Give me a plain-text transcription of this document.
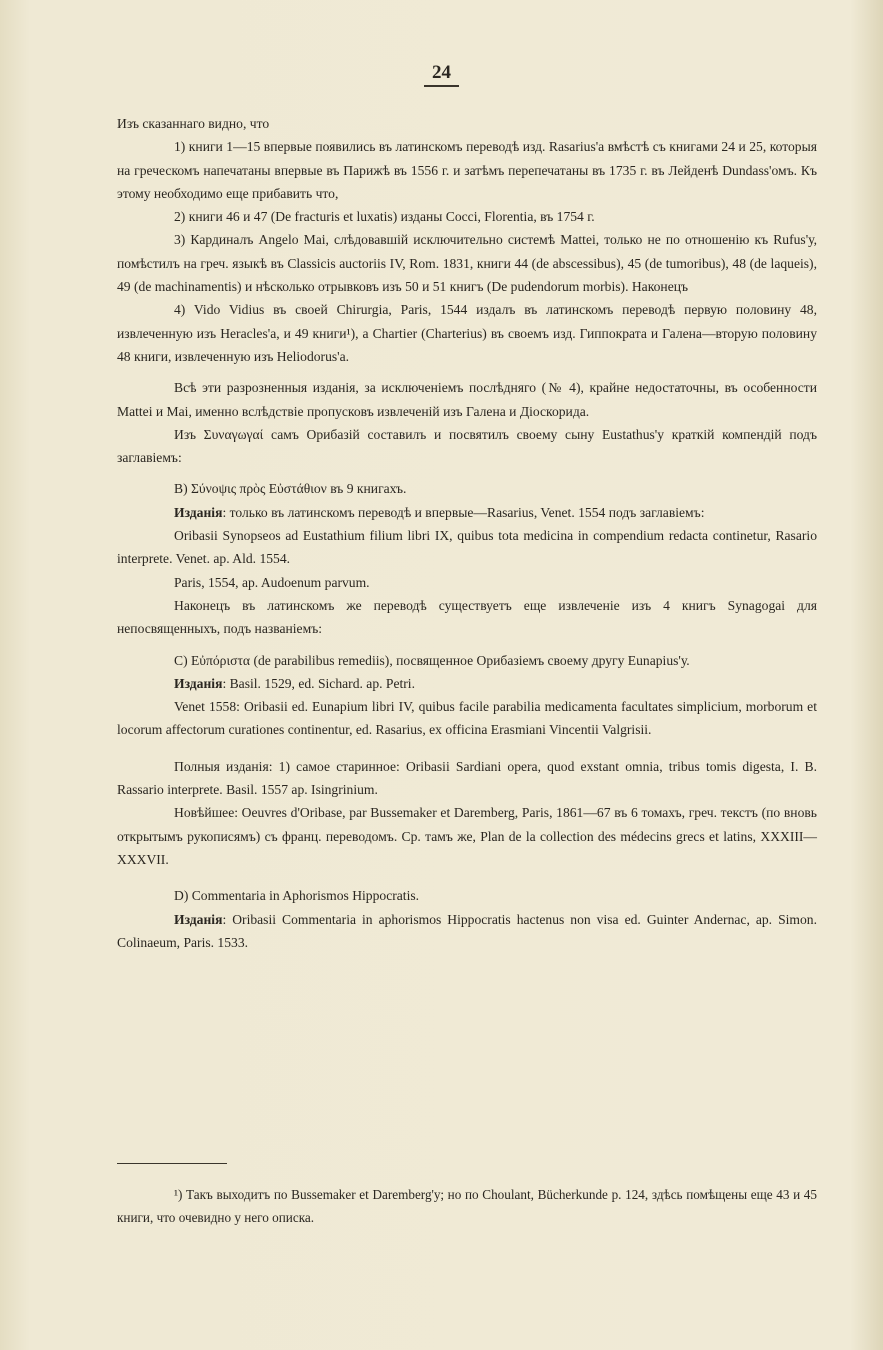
24

Изъ сказаннаго видно, что

1) книги 1—15 впервые появились въ латинскомъ переводѣ изд. Rasarius'а вмѣстѣ съ книгами 24 и 25, которыя на греческомъ напечатаны впервые въ Парижѣ въ 1556 г. и затѣмъ перепечатаны въ 1735 г. въ Лейденѣ Dundass'омъ. Къ этому необходимо еще прибавить что,

2) книги 46 и 47 (De fracturis et luxatis) изданы Cocci, Florentia, въ 1754 г.

3) Кардиналъ Angelo Mai, слѣдовавшій исключительно системѣ Mattei, только не по отношенію къ Rufus'у, помѣстилъ на греч. языкѣ въ Classicis auctoriis IV, Rom. 1831, книги 44 (de abscessibus), 45 (de tumoribus), 48 (de laqueis), 49 (de machinamentis) и нѣсколько отрывковъ изъ 50 и 51 книгъ (De pudendorum morbis). Наконецъ

4) Vido Vidius въ своей Chirurgia, Paris, 1544 издалъ въ латинскомъ переводѣ первую половину 48, извлеченную изъ Heracles'а, и 49 книги¹), а Chartier (Charterius) въ своемъ изд. Гиппократа и Галена—вторую половину 48 книги, извлеченную изъ Heliodorus'а.

Всѣ эти разрозненныя изданія, за исключеніемъ послѣдняго (№ 4), крайне недостаточны, въ особенности Mattei и Mai, именно вслѣдствіе пропусковъ извлеченій изъ Галена и Діоскорида.

Изъ Συναγωγαί самъ Орибазій составилъ и посвятилъ своему сыну Eustathus'у краткій компендій подъ заглавіемъ:

B) Σύνοψις πρὸς Εὐστάθιον въ 9 книгахъ.

Изданія: только въ латинскомъ переводѣ и впервые—Rasarius, Venet. 1554 подъ заглавіемъ:

Oribasii Synopseos ad Eustathium filium libri IX, quibus tota medicina in compendium redacta continetur, Rasario interprete. Venet. ap. Ald. 1554.

Paris, 1554, ap. Audoenum parvum.

Наконецъ въ латинскомъ же переводѣ существуетъ еще извлеченіе изъ 4 книгъ Synagogai для непосвященныхъ, подъ названіемъ:

C) Εὐπόριστα (de parabilibus remediis), посвященное Орибазіемъ своему другу Eunapius'у.

Изданія: Basil. 1529, ed. Sichard. ap. Petri.

Venet 1558: Oribasii ed. Eunapium libri IV, quibus facile parabilia medicamenta facultates simplicium, morborum et locorum affectorum curationes continentur, ed. Rasarius, ex officina Erasmiani Vincentii Valgrisii.

Полныя изданія: 1) самое старинное: Oribasii Sardiani opera, quod exstant omnia, tribus tomis digesta, I. B. Rassario interprete. Basil. 1557 ap. Isingrinium.

Новѣйшее: Oeuvres d'Oribase, par Bussemaker et Daremberg, Paris, 1861—67 въ 6 томахъ, греч. текстъ (по вновь открытымъ рукописямъ) съ франц. переводомъ. Ср. тамъ же, Plan de la collection des médecins grecs et latins, XXXIII—XXXVII.

D) Commentaria in Aphorismos Hippocratis.

Изданія: Oribasii Commentaria in aphorismos Hippocratis hactenus non visa ed. Guinter Andernac, ap. Simon. Colinaeum, Paris. 1533.

¹) Такъ выходитъ по Bussemaker et Daremberg'у; но по Choulant, Bücherkunde p. 124, здѣсь помѣщены еще 43 и 45 книги, что очевидно у него описка.
